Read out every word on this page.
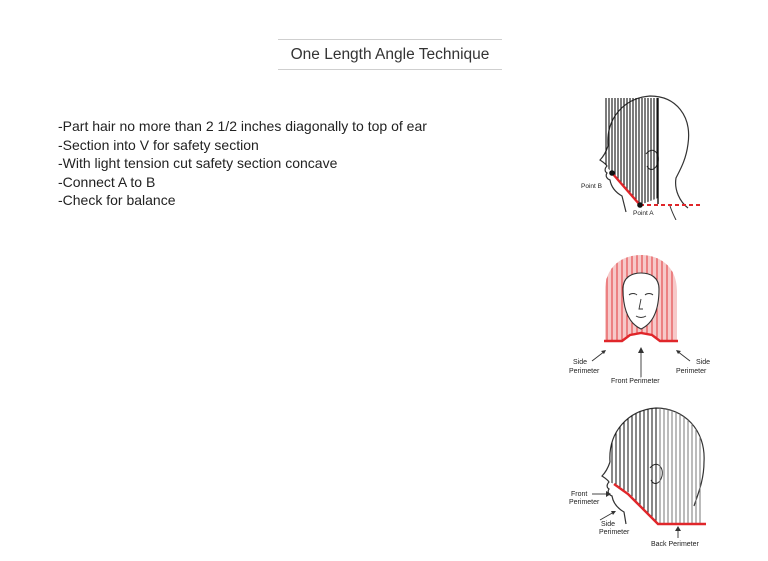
One Length Angle Technique
-Part hair no more than 2 1/2 inches diagonally to top of ear
-Section into V for safety section
-With light tension cut safety section concave
-Connect A to B
-Check for balance
Point B
Point A
Side
Perimeter
Side
Perimeter
Front Perimeter
Front
Perimeter
Side
Perimeter
Back Perimeter
